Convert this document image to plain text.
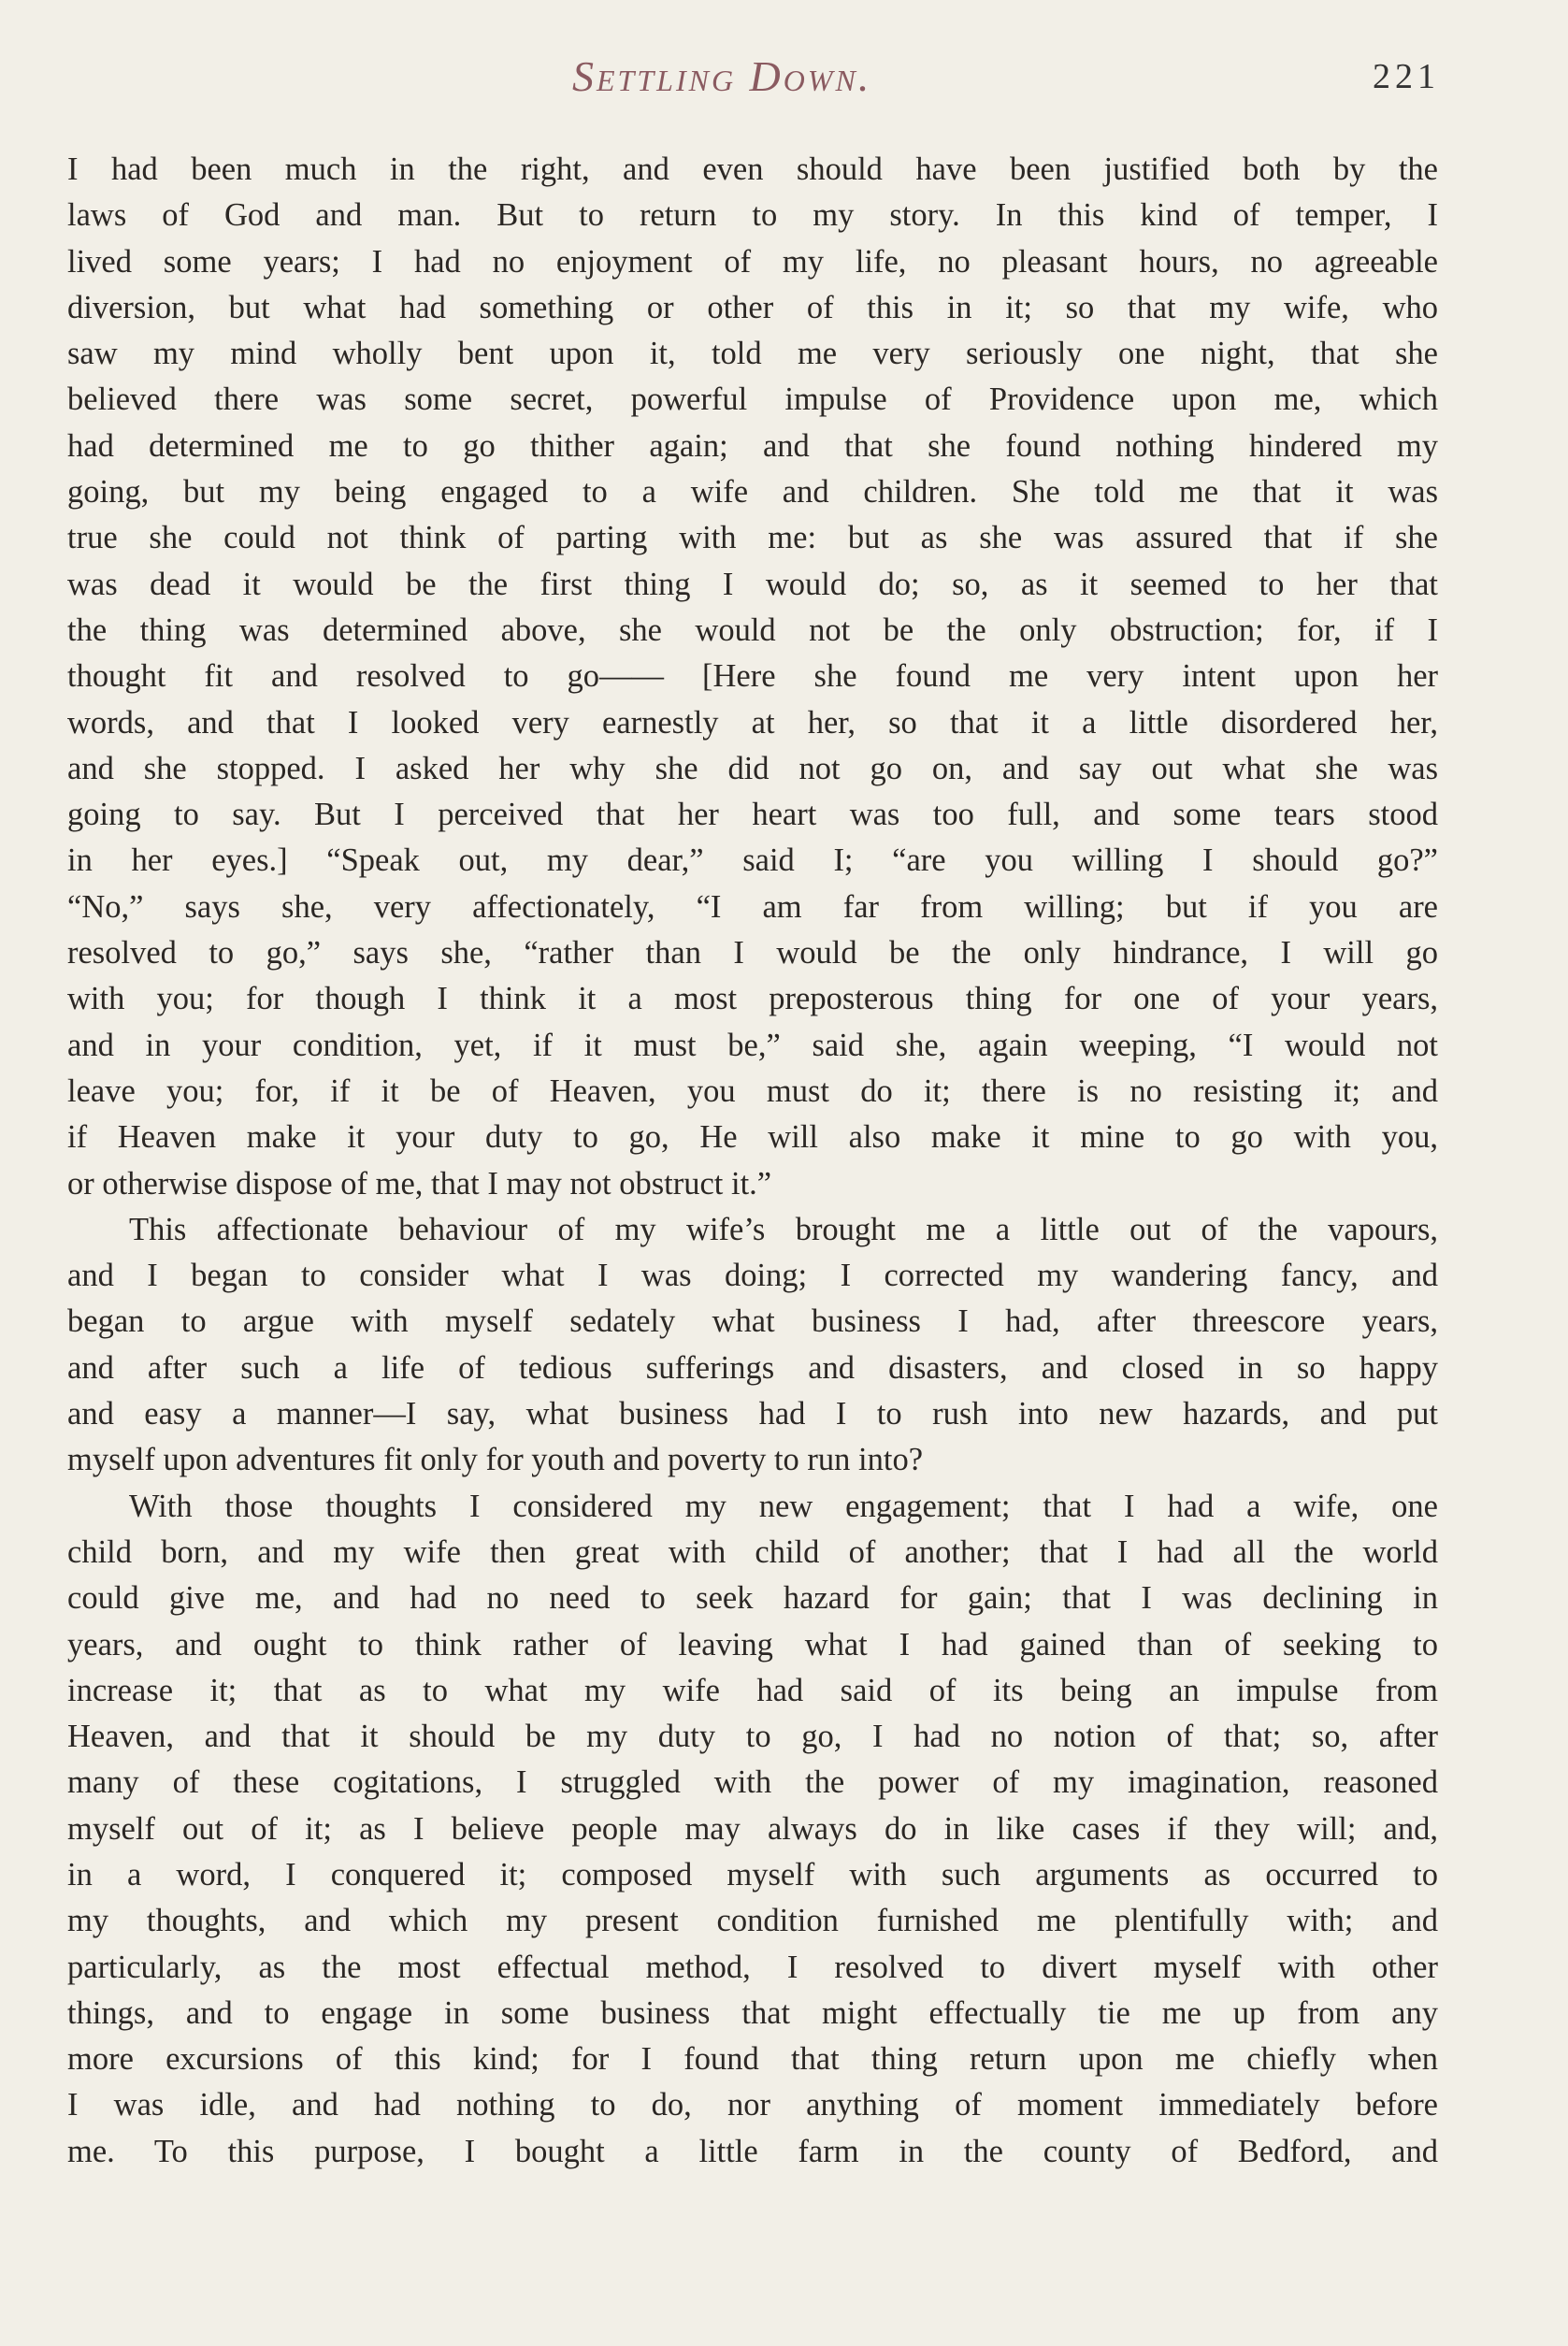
Settling Down.	221
I had been much in the right, and even should have been justified both by the
laws of God and man. But to return to my story. In this kind of temper, I
lived some years; I had no enjoyment of my life, no pleasant hours, no agreeable
diversion, but what had something or other of this in it; so that my wife, who
saw my mind wholly bent upon it, told me very seriously one night, that she
believed there was some secret, powerful impulse of Providence upon me, which
had determined me to go thither again; and that she found nothing hindered my
going, but my being engaged to a wife and children. She told me that it was
true she could not think of parting with me: but as she was assured that if she
was dead it would be the first thing I would do; so, as it seemed to her that
the thing was determined above, she would not be the only obstruction; for, if I
thought fit and resolved to go—— [Here she found me very intent upon her
words, and that I looked very earnestly at her, so that it a little disordered her,
and she stopped. I asked her why she did not go on, and say out what she was
going to say. But I perceived that her heart was too full, and some tears stood
in her eyes.] “Speak out, my dear,” said I; “are you willing I should go?”
“No,” says she, very affectionately, “I am far from willing; but if you are
resolved to go,” says she, “rather than I would be the only hindrance, I will go
with you; for though I think it a most preposterous thing for one of your years,
and in your condition, yet, if it must be,” said she, again weeping, “I would not
leave you; for, if it be of Heaven, you must do it; there is no resisting it; and
if Heaven make it your duty to go, He will also make it mine to go with you,
or otherwise dispose of me, that I may not obstruct it.”
This affectionate behaviour of my wife’s brought me a little out of the vapours,
and I began to consider what I was doing; I corrected my wandering fancy, and
began to argue with myself sedately what business I had, after threescore years,
and after such a life of tedious sufferings and disasters, and closed in so happy
and easy a manner—I say, what business had I to rush into new hazards, and put
myself upon adventures fit only for youth and poverty to run into?
With those thoughts I considered my new engagement; that I had a wife, one
child born, and my wife then great with child of another; that I had all the world
could give me, and had no need to seek hazard for gain; that I was declining in
years, and ought to think rather of leaving what I had gained than of seeking to
increase it; that as to what my wife had said of its being an impulse from
Heaven, and that it should be my duty to go, I had no notion of that; so, after
many of these cogitations, I struggled with the power of my imagination, reasoned
myself out of it; as I believe people may always do in like cases if they will; and,
in a word, I conquered it; composed myself with such arguments as occurred to
my thoughts, and which my present condition furnished me plentifully with; and
particularly, as the most effectual method, I resolved to divert myself with other
things, and to engage in some business that might effectually tie me up from any
more excursions of this kind; for I found that thing return upon me chiefly when
I was idle, and had nothing to do, nor anything of moment immediately before
me. To this purpose, I bought a little farm in the county of Bedford, and
